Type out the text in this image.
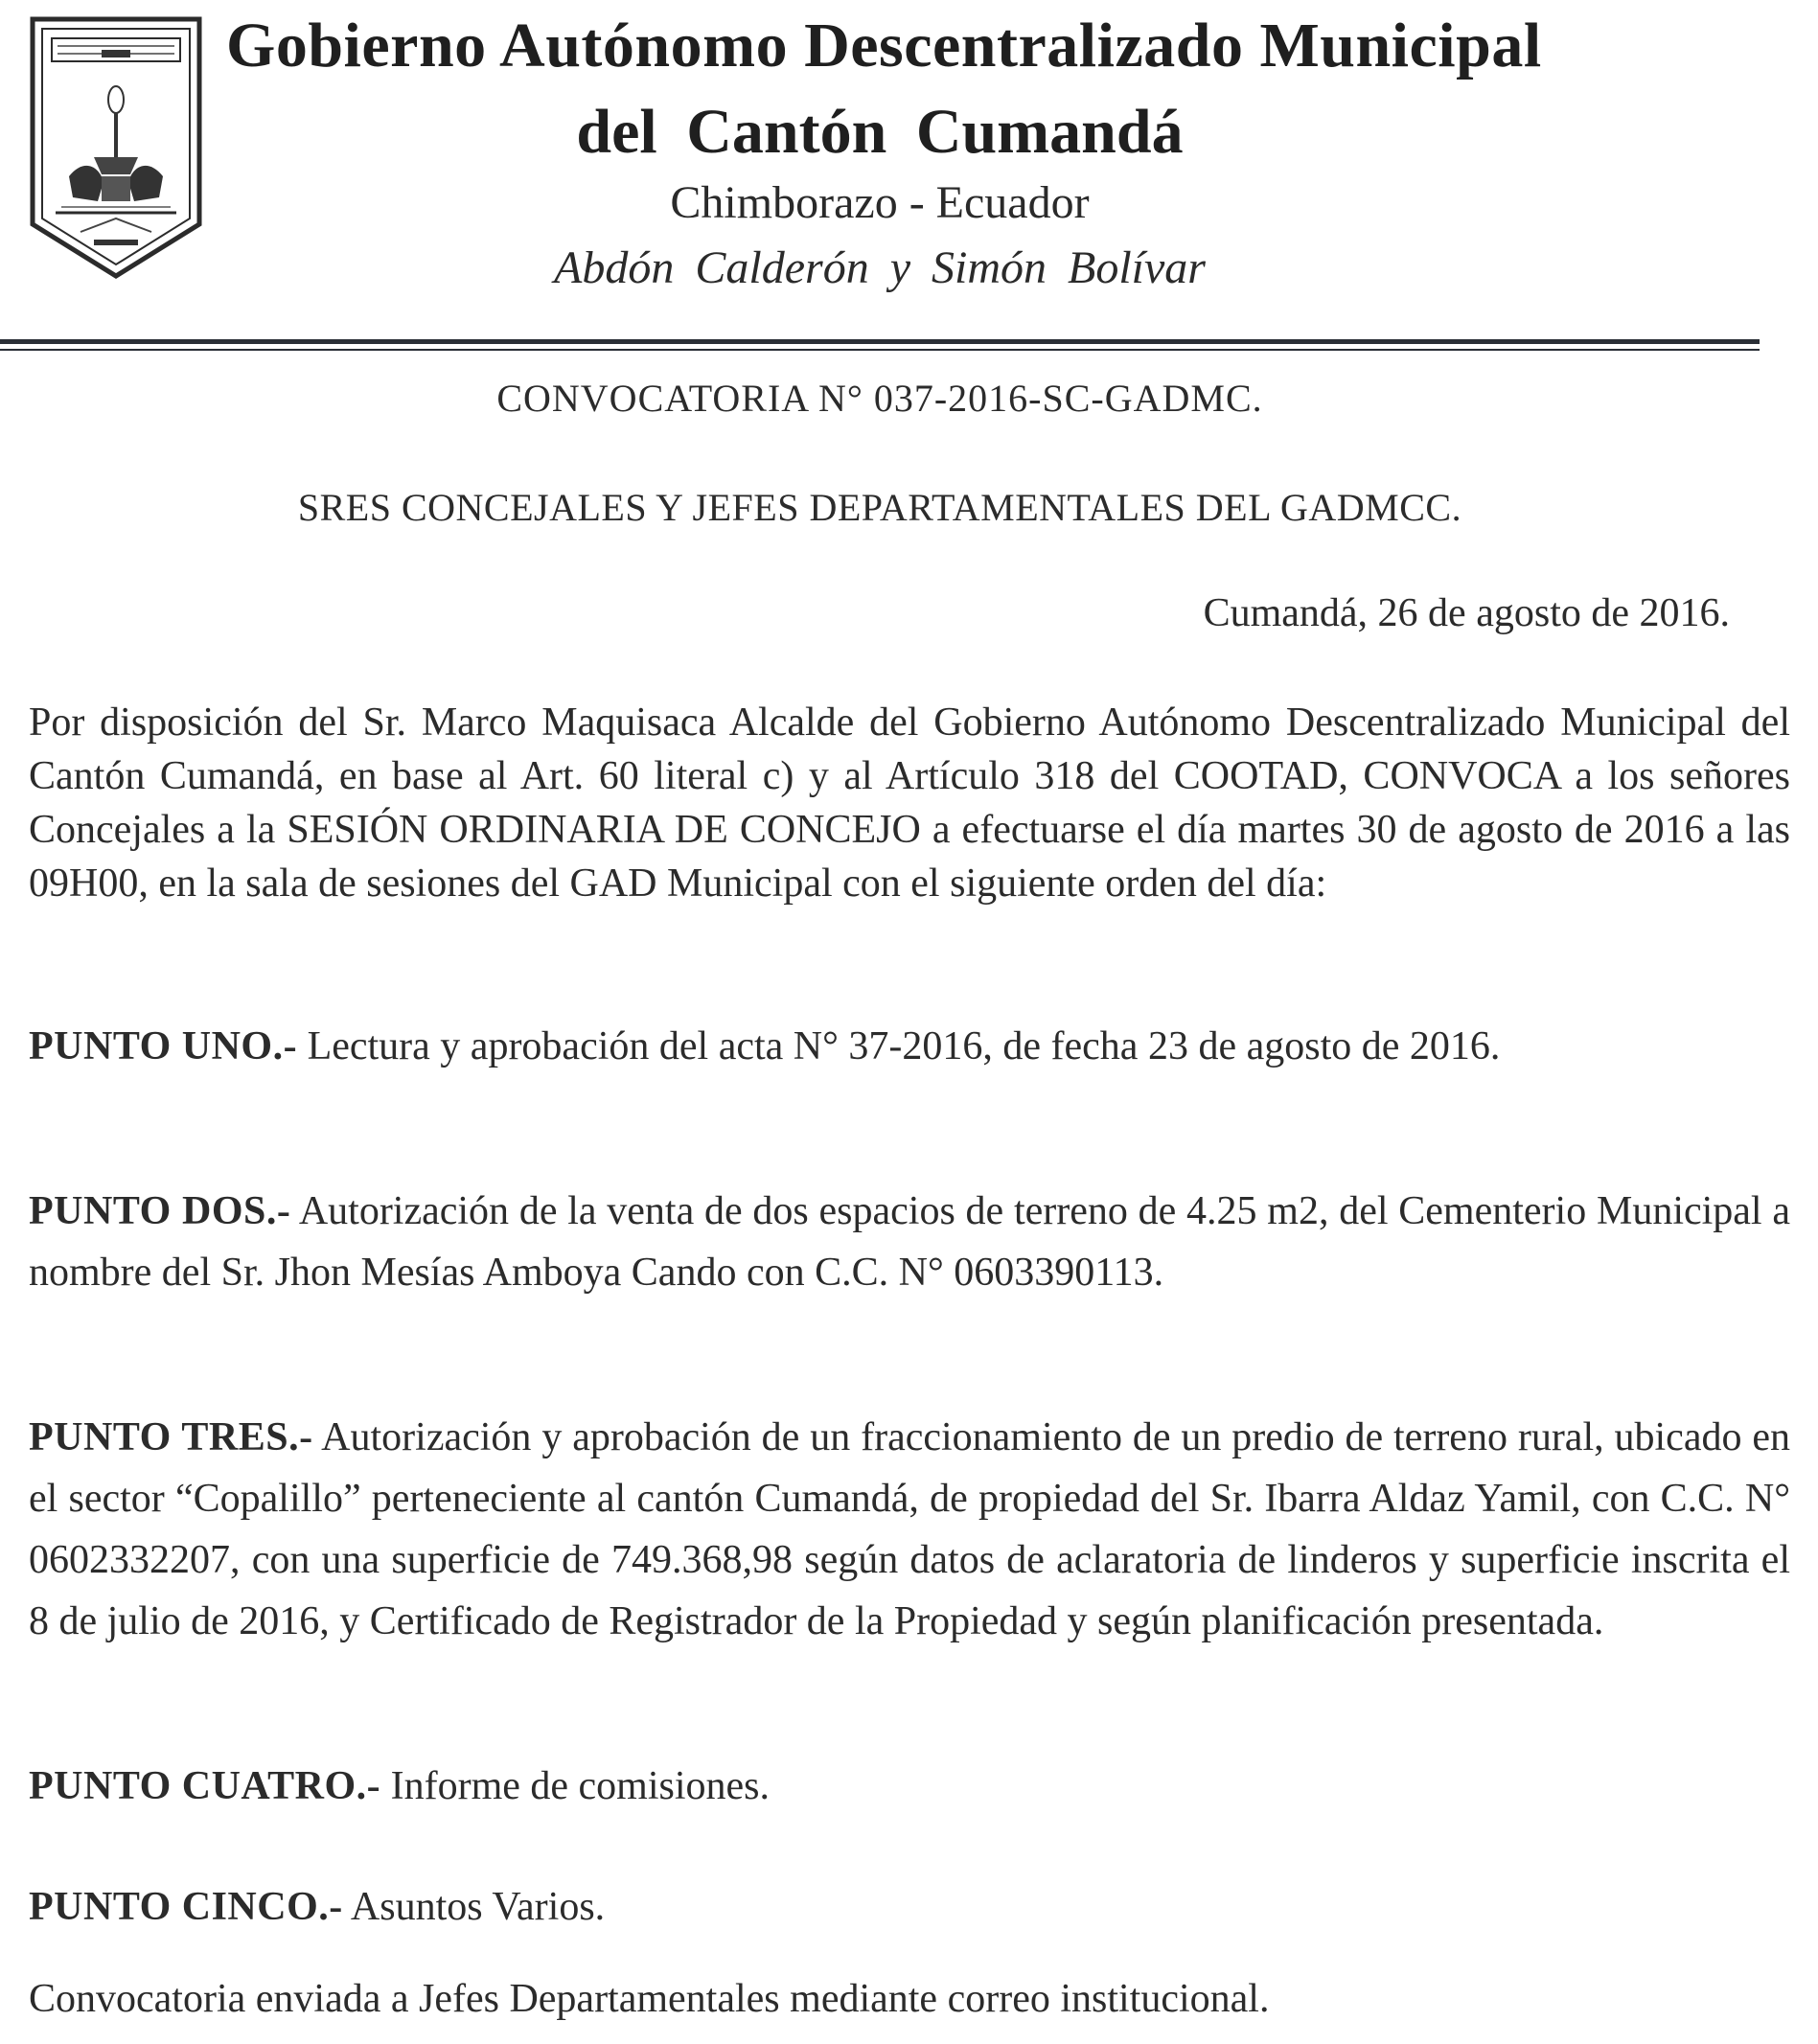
Gobierno Autónomo Descentralizado Municipal
del Cantón Cumandá
Chimborazo - Ecuador
Abdón Calderón y Simón Bolívar
CONVOCATORIA N° 037-2016-SC-GADMC.
SRES CONCEJALES Y JEFES DEPARTAMENTALES DEL GADMCC.
Cumandá, 26 de agosto de 2016.
Por disposición del Sr. Marco Maquisaca Alcalde del Gobierno Autónomo Descentralizado Municipal del Cantón Cumandá, en base al Art. 60 literal c) y al Artículo 318 del COOTAD, CONVOCA a los señores Concejales a la SESIÓN ORDINARIA DE CONCEJO a efectuarse el día martes 30 de agosto de 2016 a las 09H00, en la sala de sesiones del GAD Municipal con el siguiente orden del día:
PUNTO UNO.- Lectura y aprobación del acta N° 37-2016, de fecha 23 de agosto de 2016.
PUNTO DOS.- Autorización de la venta de dos espacios de terreno de 4.25 m2, del Cementerio Municipal a nombre del Sr. Jhon Mesías Amboya Cando con C.C. N° 0603390113.
PUNTO TRES.- Autorización y aprobación de un fraccionamiento de un predio de terreno rural, ubicado en el sector “Copalillo” perteneciente al cantón Cumandá, de propiedad del Sr. Ibarra Aldaz Yamil, con C.C. N° 0602332207, con una superficie de 749.368,98 según datos de aclaratoria de linderos y superficie inscrita el 8 de julio de 2016, y Certificado de Registrador de la Propiedad y según planificación presentada.
PUNTO CUATRO.- Informe de comisiones.
PUNTO CINCO.- Asuntos Varios.
Convocatoria enviada a Jefes Departamentales mediante correo institucional.
